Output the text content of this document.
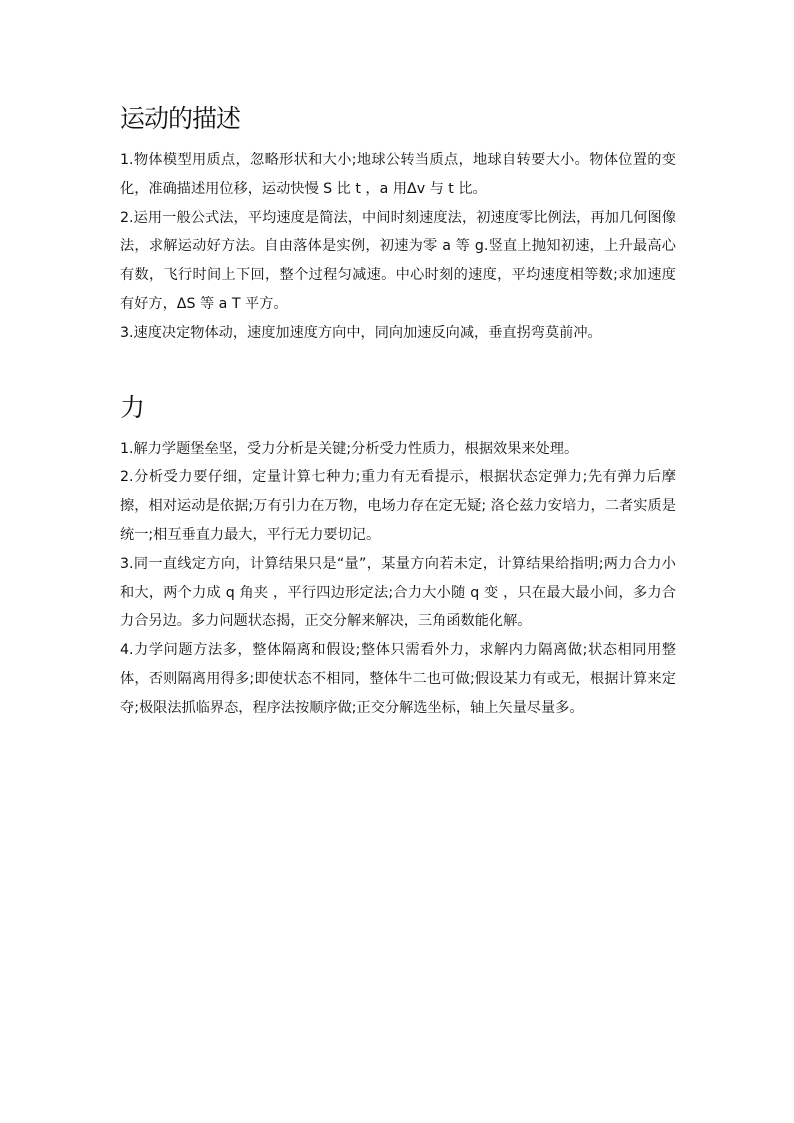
运动的描述

1.物体模型用质点，忽略形状和大小;地球公转当质点，地球自转要大小。物体位置的变化，准确描述用位移，运动快慢 S 比 t ，a 用Δv 与 t 比。

2.运用一般公式法，平均速度是简法，中间时刻速度法，初速度零比例法，再加几何图像法，求解运动好方法。自由落体是实例，初速为零 a 等 g.竖直上抛知初速，上升最高心有数，飞行时间上下回，整个过程匀减速。中心时刻的速度，平均速度相等数;求加速度有好方，ΔS 等 a T 平方。

3.速度决定物体动，速度加速度方向中，同向加速反向减，垂直拐弯莫前冲。

力

1.解力学题堡垒坚，受力分析是关键;分析受力性质力，根据效果来处理。

2.分析受力要仔细，定量计算七种力;重力有无看提示，根据状态定弹力;先有弹力后摩擦，相对运动是依据;万有引力在万物，电场力存在定无疑; 洛仑兹力安培力，二者实质是统一;相互垂直力最大，平行无力要切记。

3.同一直线定方向，计算结果只是“量”，某量方向若未定，计算结果给指明;两力合力小和大，两个力成 q 角夹 ，平行四边形定法;合力大小随 q 变 ，只在最大最小间，多力合力合另边。多力问题状态揭，正交分解来解决，三角函数能化解。

4.力学问题方法多，整体隔离和假设;整体只需看外力，求解内力隔离做;状态相同用整体，否则隔离用得多;即使状态不相同，整体牛二也可做;假设某力有或无，根据计算来定夺;极限法抓临界态，程序法按顺序做;正交分解选坐标，轴上矢量尽量多。
